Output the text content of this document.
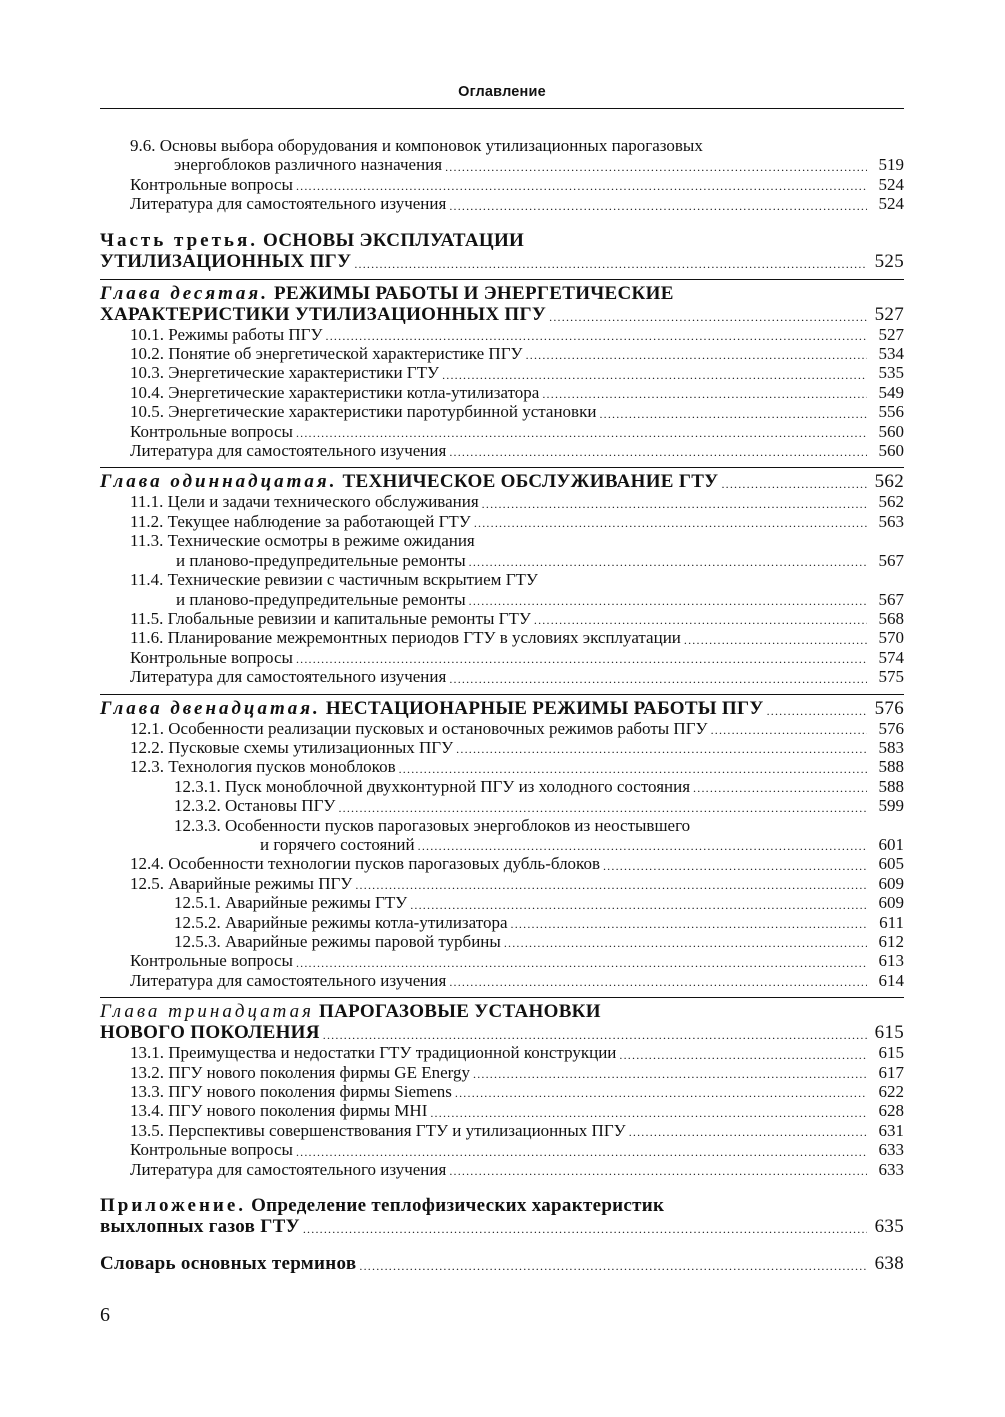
Оглавление
9.6. Основы выбора оборудования и компоновок утилизационных парогазовых
энергоблоков различного назначения .....	519
Контрольные вопросы .....	524
Литература для самостоятельного изучения .....	524
Часть третья. ОСНОВЫ ЭКСПЛУАТАЦИИ
УТИЛИЗАЦИОННЫХ ПГУ .....	525
Глава десятая. РЕЖИМЫ РАБОТЫ И ЭНЕРГЕТИЧЕСКИЕ
ХАРАКТЕРИСТИКИ УТИЛИЗАЦИОННЫХ ПГУ .....	527
10.1. Режимы работы ПГУ .....	527
10.2. Понятие об энергетической характеристике ПГУ .....	534
10.3. Энергетические характеристики ГТУ .....	535
10.4. Энергетические характеристики котла-утилизатора .....	549
10.5. Энергетические характеристики паротурбинной установки .....	556
Контрольные вопросы .....	560
Литература для самостоятельного изучения .....	560
Глава одиннадцатая. ТЕХНИЧЕСКОЕ ОБСЛУЖИВАНИЕ ГТУ .....	562
11.1. Цели и задачи технического обслуживания .....	562
11.2. Текущее наблюдение за работающей ГТУ .....	563
11.3. Технические осмотры в режиме ожидания
и планово-предупредительные ремонты .....	567
11.4. Технические ревизии с частичным вскрытием ГТУ
и планово-предупредительные ремонты .....	567
11.5. Глобальные ревизии и капитальные ремонты ГТУ .....	568
11.6. Планирование межремонтных периодов ГТУ в условиях эксплуатации .....	570
Контрольные вопросы .....	574
Литература для самостоятельного изучения .....	575
Глава двенадцатая. НЕСТАЦИОНАРНЫЕ РЕЖИМЫ РАБОТЫ ПГУ .....	576
12.1. Особенности реализации пусковых и остановочных режимов работы ПГУ .....	576
12.2. Пусковые схемы утилизационных ПГУ .....	583
12.3. Технология пусков моноблоков .....	588
12.3.1. Пуск моноблочной двухконтурной ПГУ из холодного состояния .....	588
12.3.2. Остановы ПГУ .....	599
12.3.3. Особенности пусков парогазовых энергоблоков из неостывшего
и горячего состояний .....	601
12.4. Особенности технологии пусков парогазовых дубль-блоков .....	605
12.5. Аварийные режимы ПГУ .....	609
12.5.1. Аварийные режимы ГТУ .....	609
12.5.2. Аварийные режимы котла-утилизатора .....	611
12.5.3. Аварийные режимы паровой турбины .....	612
Контрольные вопросы .....	613
Литература для самостоятельного изучения .....	614
Глава тринадцатая ПАРОГАЗОВЫЕ УСТАНОВКИ
НОВОГО ПОКОЛЕНИЯ .....	615
13.1. Преимущества и недостатки ГТУ традиционной конструкции .....	615
13.2. ПГУ нового поколения фирмы GE Energy .....	617
13.3. ПГУ нового поколения фирмы Siemens .....	622
13.4. ПГУ нового поколения фирмы MHI .....	628
13.5. Перспективы совершенствования ГТУ и утилизационных ПГУ .....	631
Контрольные вопросы .....	633
Литература для самостоятельного изучения .....	633
Приложение. Определение теплофизических характеристик
выхлопных газов ГТУ .....	635
Словарь основных терминов .....	638
6
